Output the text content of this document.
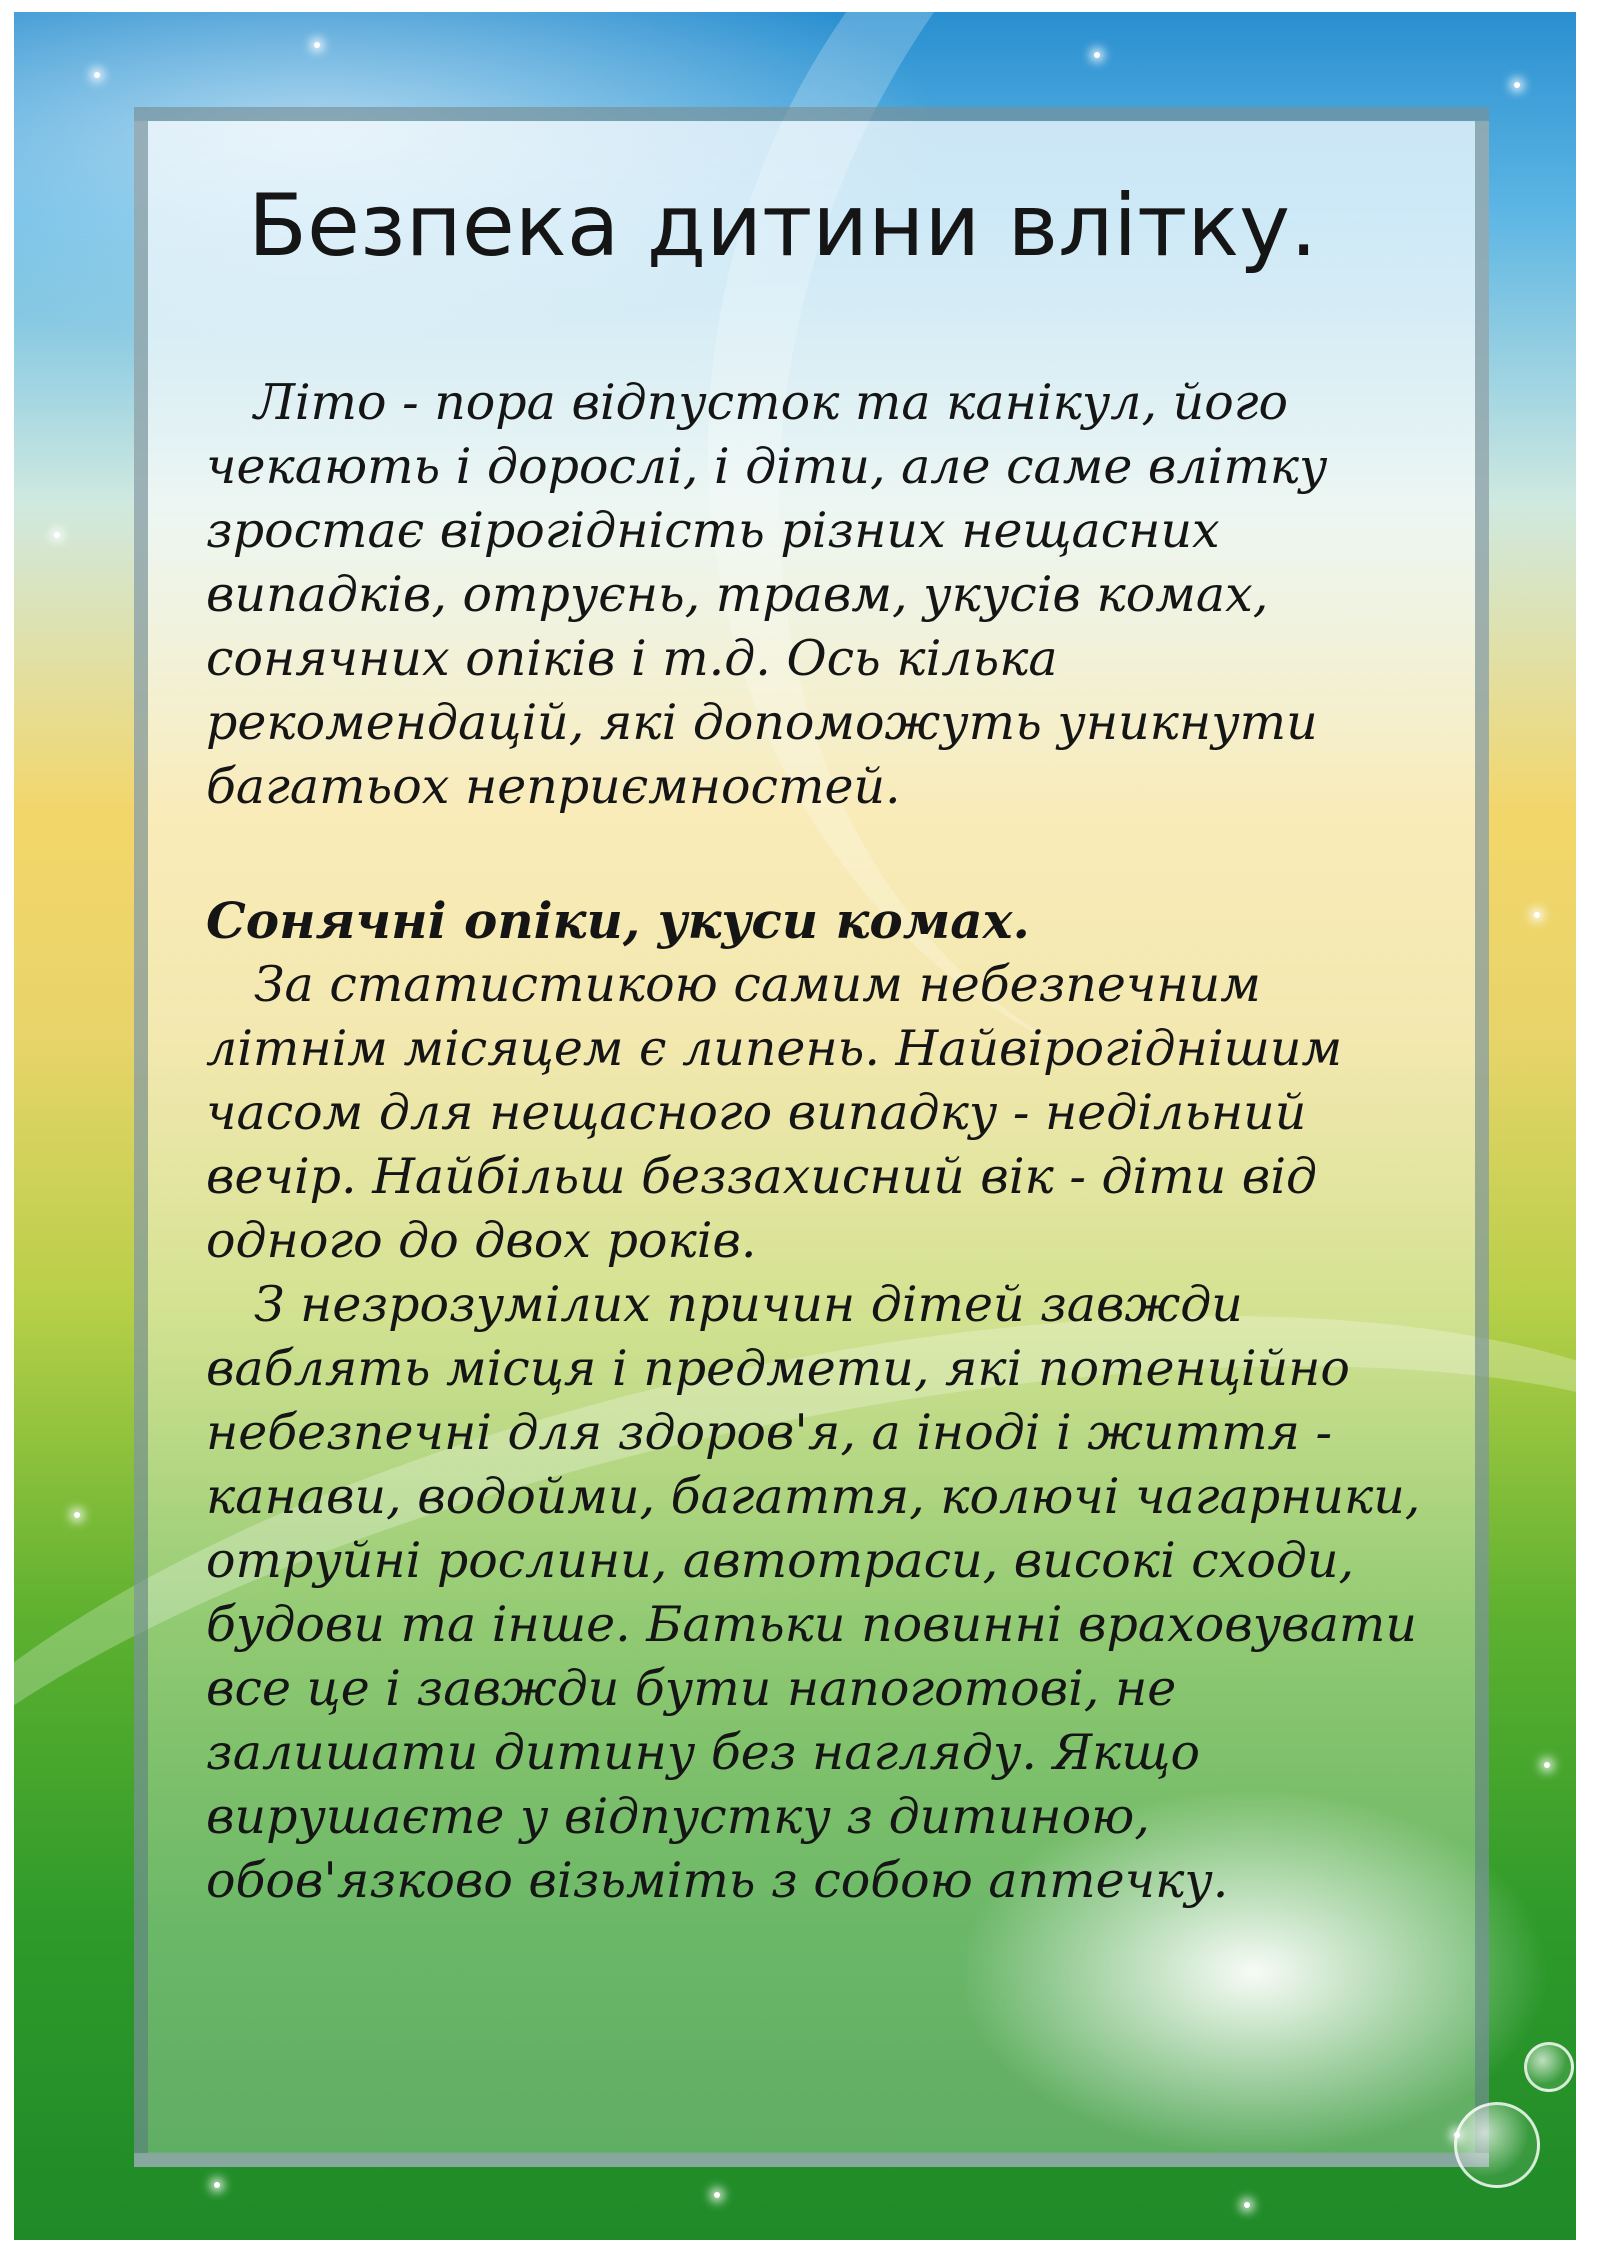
Безпека дитини влітку.

Літо - пора відпусток та канікул, його чекають і дорослі, і діти, але саме влітку зростає вірогідність різних нещасних випадків, отруєнь, травм, укусів комах, сонячних опіків і т.д. Ось кілька рекомендацій, які допоможуть уникнути багатьох неприємностей.

Сонячні опіки, укуси комах.

За статистикою самим небезпечним літнім місяцем є липень. Найвірогіднішим часом для нещасного випадку - недільний вечір. Найбільш беззахисний вік - діти від одного до двох років.

З незрозумілих причин дітей завжди ваблять місця і предмети, які потенційно небезпечні для здоров'я, а іноді і життя - канави, водойми, багаття, колючі чагарники, отруйні рослини, автотраси, високі сходи, будови та інше. Батьки повинні враховувати все це і завжди бути напоготові, не залишати дитину без нагляду. Якщо вирушаєте у відпустку з дитиною, обов'язково візьміть з собою аптечку.
